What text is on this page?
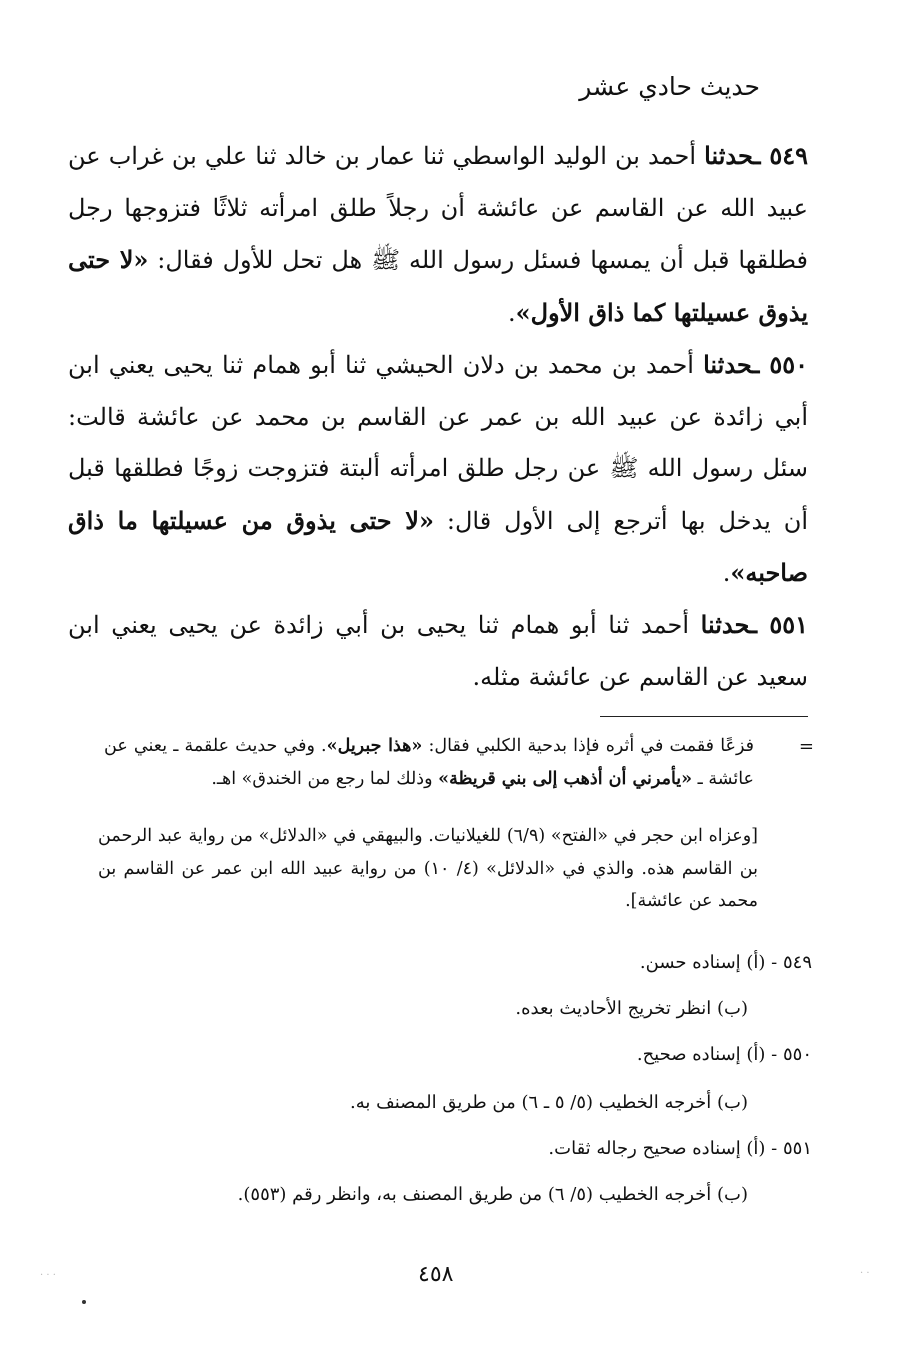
حديث حادي عشر
٥٤٩ ـحدثنا أحمد بن الوليد الواسطي ثنا عمار بن خالد ثنا علي بن غراب عن عبيد الله عن القاسم عن عائشة أن رجلاً طلق امرأته ثلاثًا فتزوجها رجل فطلقها قبل أن يمسها فسئل رسول الله ﷺ هل تحل للأول فقال: «لا حتى يذوق عسيلتها كما ذاق الأول».
٥٥٠ ـحدثنا أحمد بن محمد بن دلان الحيشي ثنا أبو همام ثنا يحيى يعني ابن أبي زائدة عن عبيد الله بن عمر عن القاسم بن محمد عن عائشة قالت: سئل رسول الله ﷺ عن رجل طلق امرأته ألبتة فتزوجت زوجًا فطلقها قبل أن يدخل بها أترجع إلى الأول قال: «لا حتى يذوق من عسيلتها ما ذاق صاحبه».
٥٥١ ـحدثنا أحمد ثنا أبو همام ثنا يحيى بن أبي زائدة عن يحيى يعني ابن سعيد عن القاسم عن عائشة مثله.
=
فزعًا فقمت في أثره فإذا بدحية الكلبي فقال: «هذا جبريل». وفي حديث علقمة ـ يعني عن عائشة ـ «يأمرني أن أذهب إلى بني قريظة» وذلك لما رجع من الخندق» اهـ.
[وعزاه ابن حجر في «الفتح» (٦/٩) للغيلانيات. والبيهقي في «الدلائل» من رواية عبد الرحمن بن القاسم هذه. والذي في «الدلائل» (٤/ ١٠) من رواية عبيد الله ابن عمر عن القاسم بن محمد عن عائشة].
٥٤٩ - (أ) إسناده حسن.
(ب) انظر تخريج الأحاديث بعده.
٥٥٠ - (أ) إسناده صحيح.
(ب) أخرجه الخطيب (٥/ ٥ ـ ٦) من طريق المصنف به.
٥٥١ - (أ) إسناده صحيح رجاله ثقات.
(ب) أخرجه الخطيب (٥/ ٦) من طريق المصنف به، وانظر رقم (٥٥٣).
٤٥٨
· · ·	· ·
